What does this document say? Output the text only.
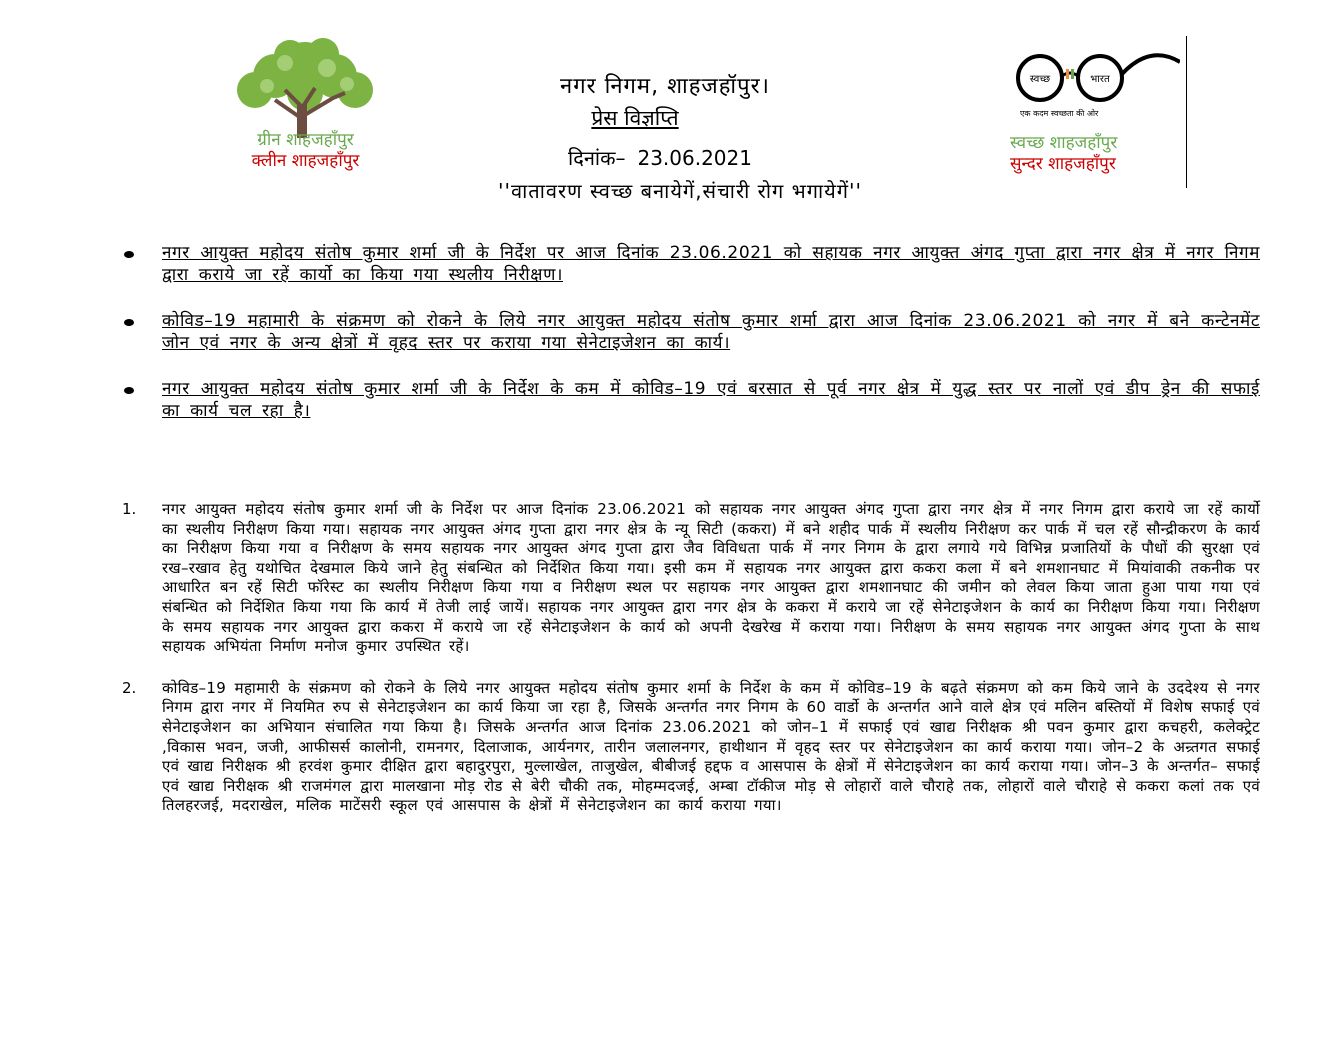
ग्रीन शाहजहाँपुर
क्लीन शाहजहाँपुर
नगर निगम, शाहजहॉपुर।
प्रेस विज्ञप्ति
दिनांक– 23.06.2021
''वातावरण स्वच्छ बनायेगें,संचारी रोग भगायेगें''
स्वच्छ	भारत
एक कदम स्वच्छता की ओर
स्वच्छ शाहजहाँपुर
सुन्दर शाहजहाँपुर
नगर आयुक्त महोदय संतोष कुमार शर्मा जी के निर्देश पर आज दिनांक 23.06.2021 को सहायक नगर आयुक्त अंगद गुप्ता द्वारा नगर क्षेत्र में नगर निगम द्वारा कराये जा रहें कार्यो का किया गया स्थलीय निरीक्षण।
कोविड–19 महामारी के संक्रमण को रोकने के लिये नगर आयुक्त महोदय संतोष कुमार शर्मा द्वारा आज दिनांक 23.06.2021 को नगर में बने कन्टेनमेंट जोन एवं नगर के अन्य क्षेत्रों में वृहद स्तर पर कराया गया सेनेटाइजेशन का कार्य।
नगर आयुक्त महोदय संतोष कुमार शर्मा जी के निर्देश के कम में कोविड–19 एवं बरसात से पूर्व नगर क्षेत्र में युद्ध स्तर पर नालों एवं डीप ड्रेन की सफाई का कार्य चल रहा है।
1. नगर आयुक्त महोदय संतोष कुमार शर्मा जी के निर्देश पर आज दिनांक 23.06.2021 को सहायक नगर आयुक्त अंगद गुप्ता द्वारा नगर क्षेत्र में नगर निगम द्वारा कराये जा रहें कार्यो का स्थलीय निरीक्षण किया गया। सहायक नगर आयुक्त अंगद गुप्ता द्वारा नगर क्षेत्र के न्यू सिटी (ककरा) में बने शहीद पार्क में स्थलीय निरीक्षण कर पार्क में चल रहें सौन्द्रीकरण के कार्य का निरीक्षण किया गया व निरीक्षण के समय सहायक नगर आयुक्त अंगद गुप्ता द्वारा जैव विविधता पार्क में नगर निगम के द्वारा लगाये गये विभिन्न प्रजातियों के पौधों की सुरक्षा एवं रख–रखाव हेतु यथोचित देखमाल किये जाने हेतु संबन्धित को निर्देशित किया गया। इसी कम में सहायक नगर आयुक्त द्वारा ककरा कला में बने शमशानघाट में मियांवाकी तकनीक पर आधारित बन रहें सिटी फॉरेस्ट का स्थलीय निरीक्षण किया गया व निरीक्षण स्थल पर सहायक नगर आयुक्त द्वारा शमशानघाट की जमीन को लेवल किया जाता हुआ पाया गया एवं संबन्धित को निर्देशित किया गया कि कार्य में तेजी लाई जायें। सहायक नगर आयुक्त द्वारा नगर क्षेत्र के ककरा में कराये जा रहें सेनेटाइजेशन के कार्य का निरीक्षण किया गया। निरीक्षण के समय सहायक नगर आयुक्त द्वारा ककरा में कराये जा रहें सेनेटाइजेशन के कार्य को अपनी देखरेख में कराया गया। निरीक्षण के समय सहायक नगर आयुक्त अंगद गुप्ता के साथ सहायक अभियंता निर्माण मनोज कुमार उपस्थित रहें।
2. कोविड–19 महामारी के संक्रमण को रोकने के लिये नगर आयुक्त महोदय संतोष कुमार शर्मा के निर्देश के कम में कोविड–19 के बढ़ते संक्रमण को कम किये जाने के उददेश्य से नगर निगम द्वारा नगर में नियमित रुप से सेनेटाइजेशन का कार्य किया जा रहा है, जिसके अन्तर्गत नगर निगम के 60 वार्डो के अन्तर्गत आने वाले क्षेत्र एवं मलिन बस्तियों में विशेष सफाई एवं सेनेटाइजेशन का अभियान संचालित गया किया है। जिसके अन्तर्गत आज दिनांक 23.06.2021 को जोन–1 में सफाई एवं खाद्य निरीक्षक श्री पवन कुमार द्वारा कचहरी, कलेक्ट्रेट ,विकास भवन, जजी, आफीसर्स कालोनी, रामनगर, दिलाजाक, आर्यनगर, तारीन जलालनगर, हाथीथान में वृहद स्तर पर सेनेटाइजेशन का कार्य कराया गया। जोन–2 के अन्र्तगत सफाई एवं खाद्य निरीक्षक श्री हरवंश कुमार दीक्षित द्वारा बहादुरपुरा, मुल्लाखेल, ताजुखेल, बीबीजई हद्दफ व आसपास के क्षेत्रों में सेनेटाइजेशन का कार्य कराया गया। जोन–3 के अन्तर्गत– सफाई एवं खाद्य निरीक्षक श्री राजमंगल द्वारा मालखाना मोड़ रोड से बेरी चौकी तक, मोहम्मदजई, अम्बा टॉकीज मोड़ से लोहारों वाले चौराहे तक, लोहारों वाले चौराहे से ककरा कलां तक एवं तिलहरजई, मदराखेल, मलिक माटेंसरी स्कूल एवं आसपास के क्षेत्रों में सेनेटाइजेशन का कार्य कराया गया।
